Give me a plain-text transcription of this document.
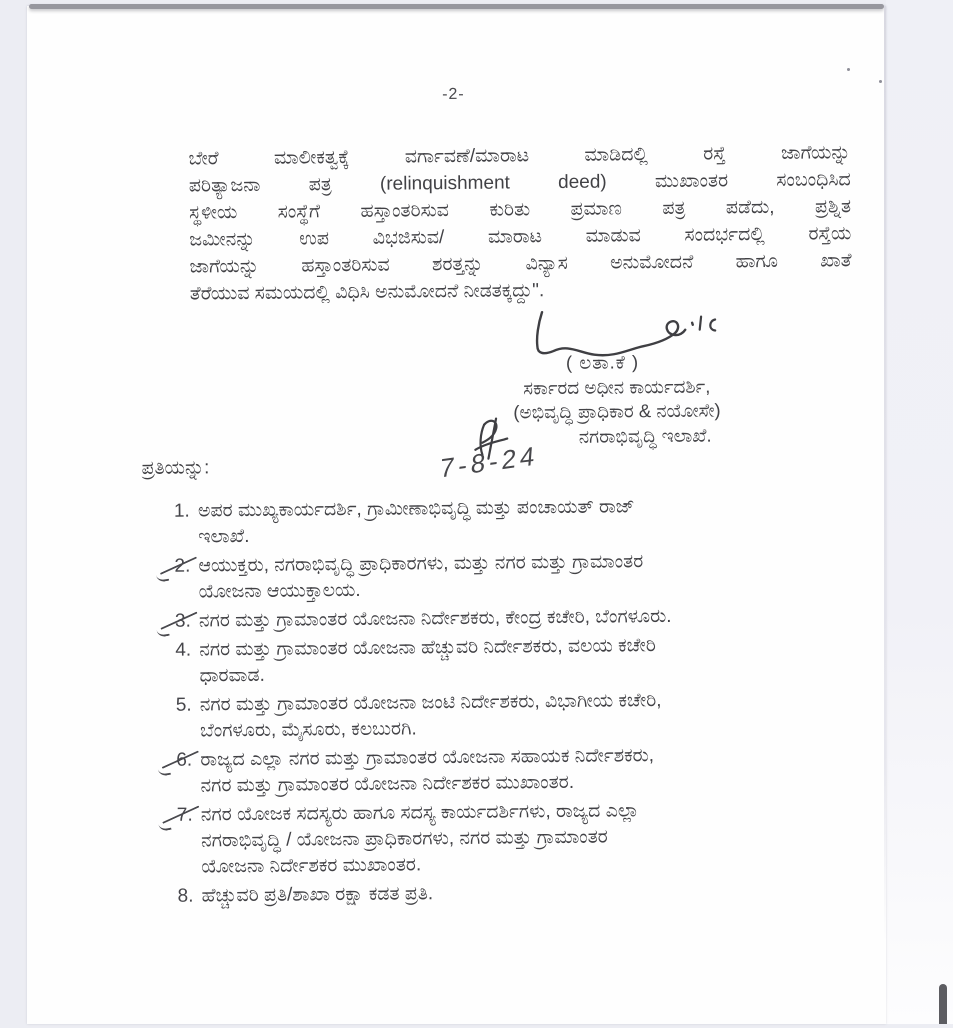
-2-
ಬೇರೆ ಮಾಲೀಕತ್ವಕ್ಕೆ ವರ್ಗಾವಣೆ/ಮಾರಾಟ ಮಾಡಿದಲ್ಲಿ ರಸ್ತೆ ಜಾಗೆಯನ್ನು
ಪರಿತ್ಯಾಜನಾ ಪತ್ರ (relinquishment deed) ಮುಖಾಂತರ ಸಂಬಂಧಿಸಿದ
ಸ್ಥಳೀಯ ಸಂಸ್ಥೆಗೆ ಹಸ್ತಾಂತರಿಸುವ ಕುರಿತು ಪ್ರಮಾಣ ಪತ್ರ ಪಡೆದು, ಪ್ರಶ್ನಿತ
ಜಮೀನನ್ನು ಉಪ ವಿಭಜಿಸುವ/ ಮಾರಾಟ ಮಾಡುವ ಸಂದರ್ಭದಲ್ಲಿ ರಸ್ತೆಯ
ಜಾಗೆಯನ್ನು ಹಸ್ತಾಂತರಿಸುವ ಶರತ್ತನ್ನು ವಿನ್ಯಾಸ ಅನುಮೋದನೆ ಹಾಗೂ ಖಾತೆ
ತೆರೆಯುವ ಸಮಯದಲ್ಲಿ ವಿಧಿಸಿ ಅನುಮೋದನೆ ನೀಡತಕ್ಕದ್ದು".
( ಲತಾ.ಕೆ )
ಸರ್ಕಾರದ ಅಧೀನ ಕಾರ್ಯದರ್ಶಿ,
(ಅಭಿವೃದ್ಧಿ ಪ್ರಾಧಿಕಾರ & ನಯೋಸೇ)
ನಗರಾಭಿವೃದ್ಧಿ ಇಲಾಖೆ.
7-8-24
ಪ್ರತಿಯನ್ನು:
1. ಅಪರ ಮುಖ್ಯಕಾರ್ಯದರ್ಶಿ, ಗ್ರಾಮೀಣಾಭಿವೃದ್ಧಿ ಮತ್ತು ಪಂಚಾಯತ್ ರಾಜ್
ಇಲಾಖೆ.
2. ಆಯುಕ್ತರು, ನಗರಾಭಿವೃದ್ಧಿ ಪ್ರಾಧಿಕಾರಗಳು, ಮತ್ತು ನಗರ ಮತ್ತು ಗ್ರಾಮಾಂತರ
ಯೋಜನಾ ಆಯುಕ್ತಾಲಯ.
3. ನಗರ ಮತ್ತು ಗ್ರಾಮಾಂತರ ಯೋಜನಾ ನಿರ್ದೇಶಕರು, ಕೇಂದ್ರ ಕಚೇರಿ, ಬೆಂಗಳೂರು.
4. ನಗರ ಮತ್ತು ಗ್ರಾಮಾಂತರ ಯೋಜನಾ ಹೆಚ್ಚುವರಿ ನಿರ್ದೇಶಕರು, ವಲಯ ಕಚೇರಿ
ಧಾರವಾಡ.
5. ನಗರ ಮತ್ತು ಗ್ರಾಮಾಂತರ ಯೋಜನಾ ಜಂಟಿ ನಿರ್ದೇಶಕರು, ವಿಭಾಗೀಯ ಕಚೇರಿ,
ಬೆಂಗಳೂರು, ಮೈಸೂರು, ಕಲಬುರಗಿ.
6. ರಾಜ್ಯದ ಎಲ್ಲಾ ನಗರ ಮತ್ತು ಗ್ರಾಮಾಂತರ ಯೋಜನಾ ಸಹಾಯಕ ನಿರ್ದೇಶಕರು,
ನಗರ ಮತ್ತು ಗ್ರಾಮಾಂತರ ಯೋಜನಾ ನಿರ್ದೇಶಕರ ಮುಖಾಂತರ.
7. ನಗರ ಯೋಜಕ ಸದಸ್ಯರು ಹಾಗೂ ಸದಸ್ಯ ಕಾರ್ಯದರ್ಶಿಗಳು, ರಾಜ್ಯದ ಎಲ್ಲಾ
ನಗರಾಭಿವೃದ್ಧಿ / ಯೋಜನಾ ಪ್ರಾಧಿಕಾರಗಳು, ನಗರ ಮತ್ತು ಗ್ರಾಮಾಂತರ
ಯೋಜನಾ ನಿರ್ದೇಶಕರ ಮುಖಾಂತರ.
8. ಹೆಚ್ಚುವರಿ ಪ್ರತಿ/ಶಾಖಾ ರಕ್ಷಾ ಕಡತ ಪ್ರತಿ.
